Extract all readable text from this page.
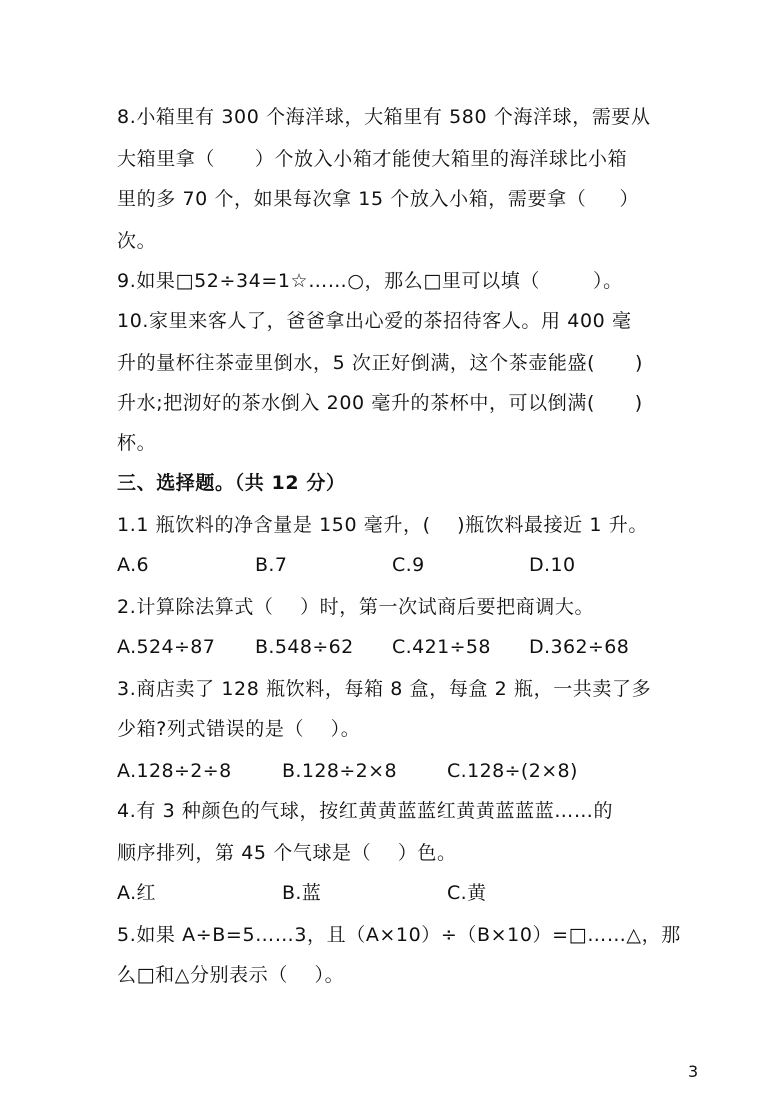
8.小箱里有 300 个海洋球，大箱里有 580 个海洋球，需要从
大箱里拿（      ）个放入小箱才能使大箱里的海洋球比小箱
里的多 70 个，如果每次拿 15 个放入小箱，需要拿（     ）
次。
9.如果□52÷34=1☆……○，那么□里可以填（        ）。
10.家里来客人了，爸爸拿出心爱的茶招待客人。用 400 毫
升的量杯往茶壶里倒水，5 次正好倒满，这个茶壶能盛(      )
升水;把沏好的茶水倒入 200 毫升的茶杯中，可以倒满(      )
杯。
三、选择题。（共 12 分）
1.1 瓶饮料的净含量是 150 毫升，(    )瓶饮料最接近 1 升。
A.6	B.7	C.9	D.10
2.计算除法算式（    ）时，第一次试商后要把商调大。
A.524÷87 B.548÷62 C.421÷58 D.362÷68
3.商店卖了 128 瓶饮料，每箱 8 盒，每盒 2 瓶，一共卖了多
少箱?列式错误的是（    ）。
A.128÷2÷8	B.128÷2×8	C.128÷(2×8)
4.有 3 种颜色的气球，按红黄黄蓝蓝红黄黄蓝蓝蓝……的
顺序排列，第 45 个气球是（    ）色。
A.红	B.蓝	C.黄
5.如果 A÷B=5……3，且（A×10）÷（B×10）=□……△，那
么□和△分别表示（    ）。
3
